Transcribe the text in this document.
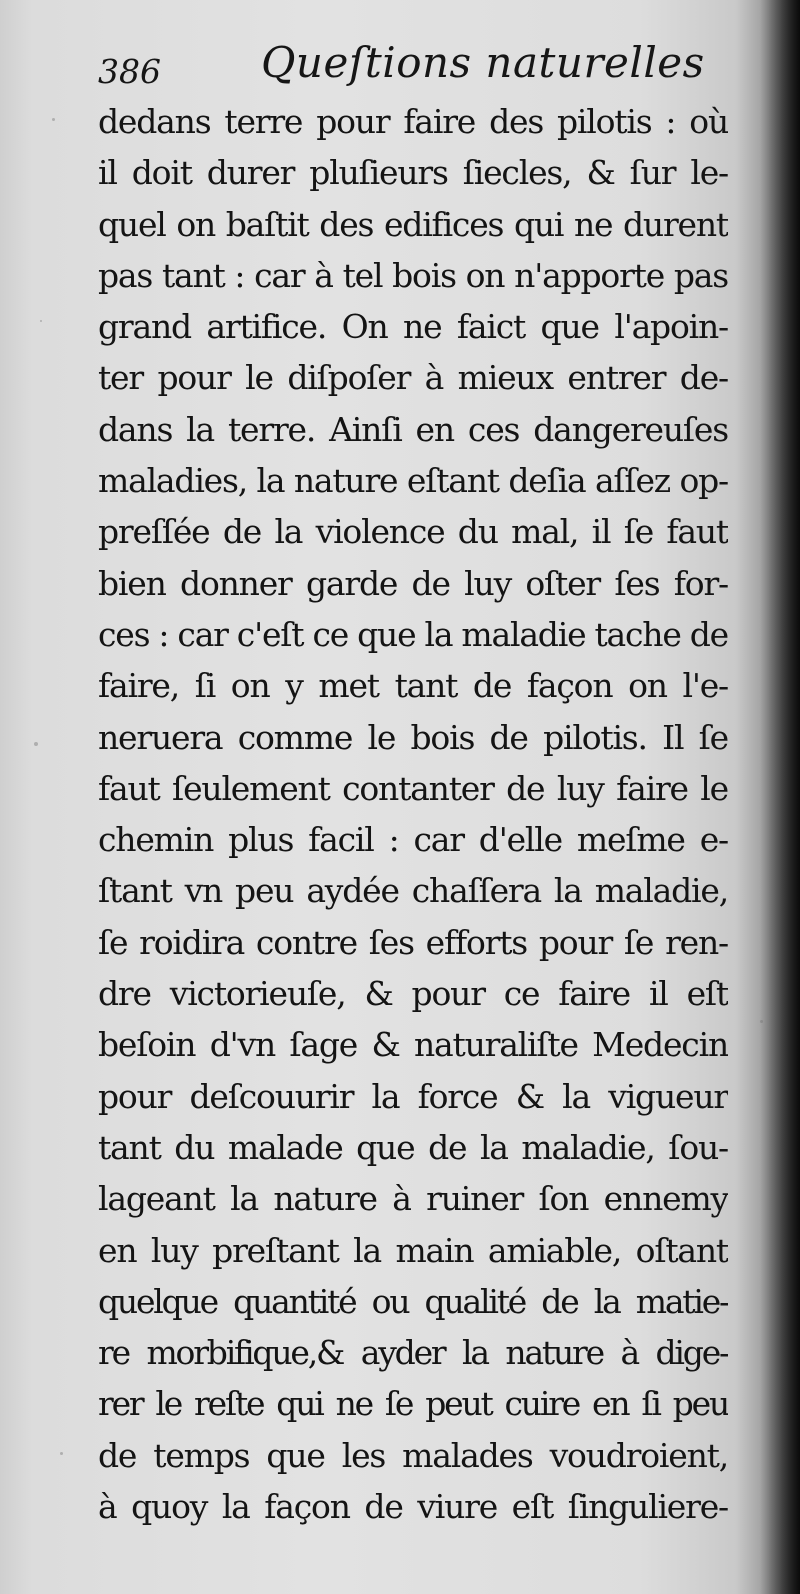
386 Queſtions naturelles
dedans terre pour faire des pilotis : où
il doit durer pluſieurs ſiecles, & ſur le-
quel on baſtit des edifices qui ne durent
pas tant : car à tel bois on n'apporte pas
grand artifice. On ne faict que l'apoin-
ter pour le diſpoſer à mieux entrer de-
dans la terre. Ainſi en ces dangereuſes
maladies, la nature eſtant deſia aſſez op-
preſſée de la violence du mal, il ſe faut
bien donner garde de luy oſter ſes for-
ces : car c'eſt ce que la maladie tache de
faire, ſi on y met tant de façon on l'e-
neruera comme le bois de pilotis. Il ſe
faut ſeulement contanter de luy faire le
chemin plus facil : car d'elle meſme e-
ſtant vn peu aydée chaſſera la maladie,
ſe roidira contre ſes efforts pour ſe ren-
dre victorieuſe, & pour ce faire il eſt
beſoin d'vn ſage & naturaliſte Medecin
pour deſcouurir la force & la vigueur
tant du malade que de la maladie, ſou-
lageant la nature à ruiner ſon ennemy
en luy preſtant la main amiable, oſtant
quelque quantité ou qualité de la matie-
re morbifique,& ayder la nature à dige-
rer le reſte qui ne ſe peut cuire en ſi peu
de temps que les malades voudroient,
à quoy la façon de viure eſt ſinguliere-
